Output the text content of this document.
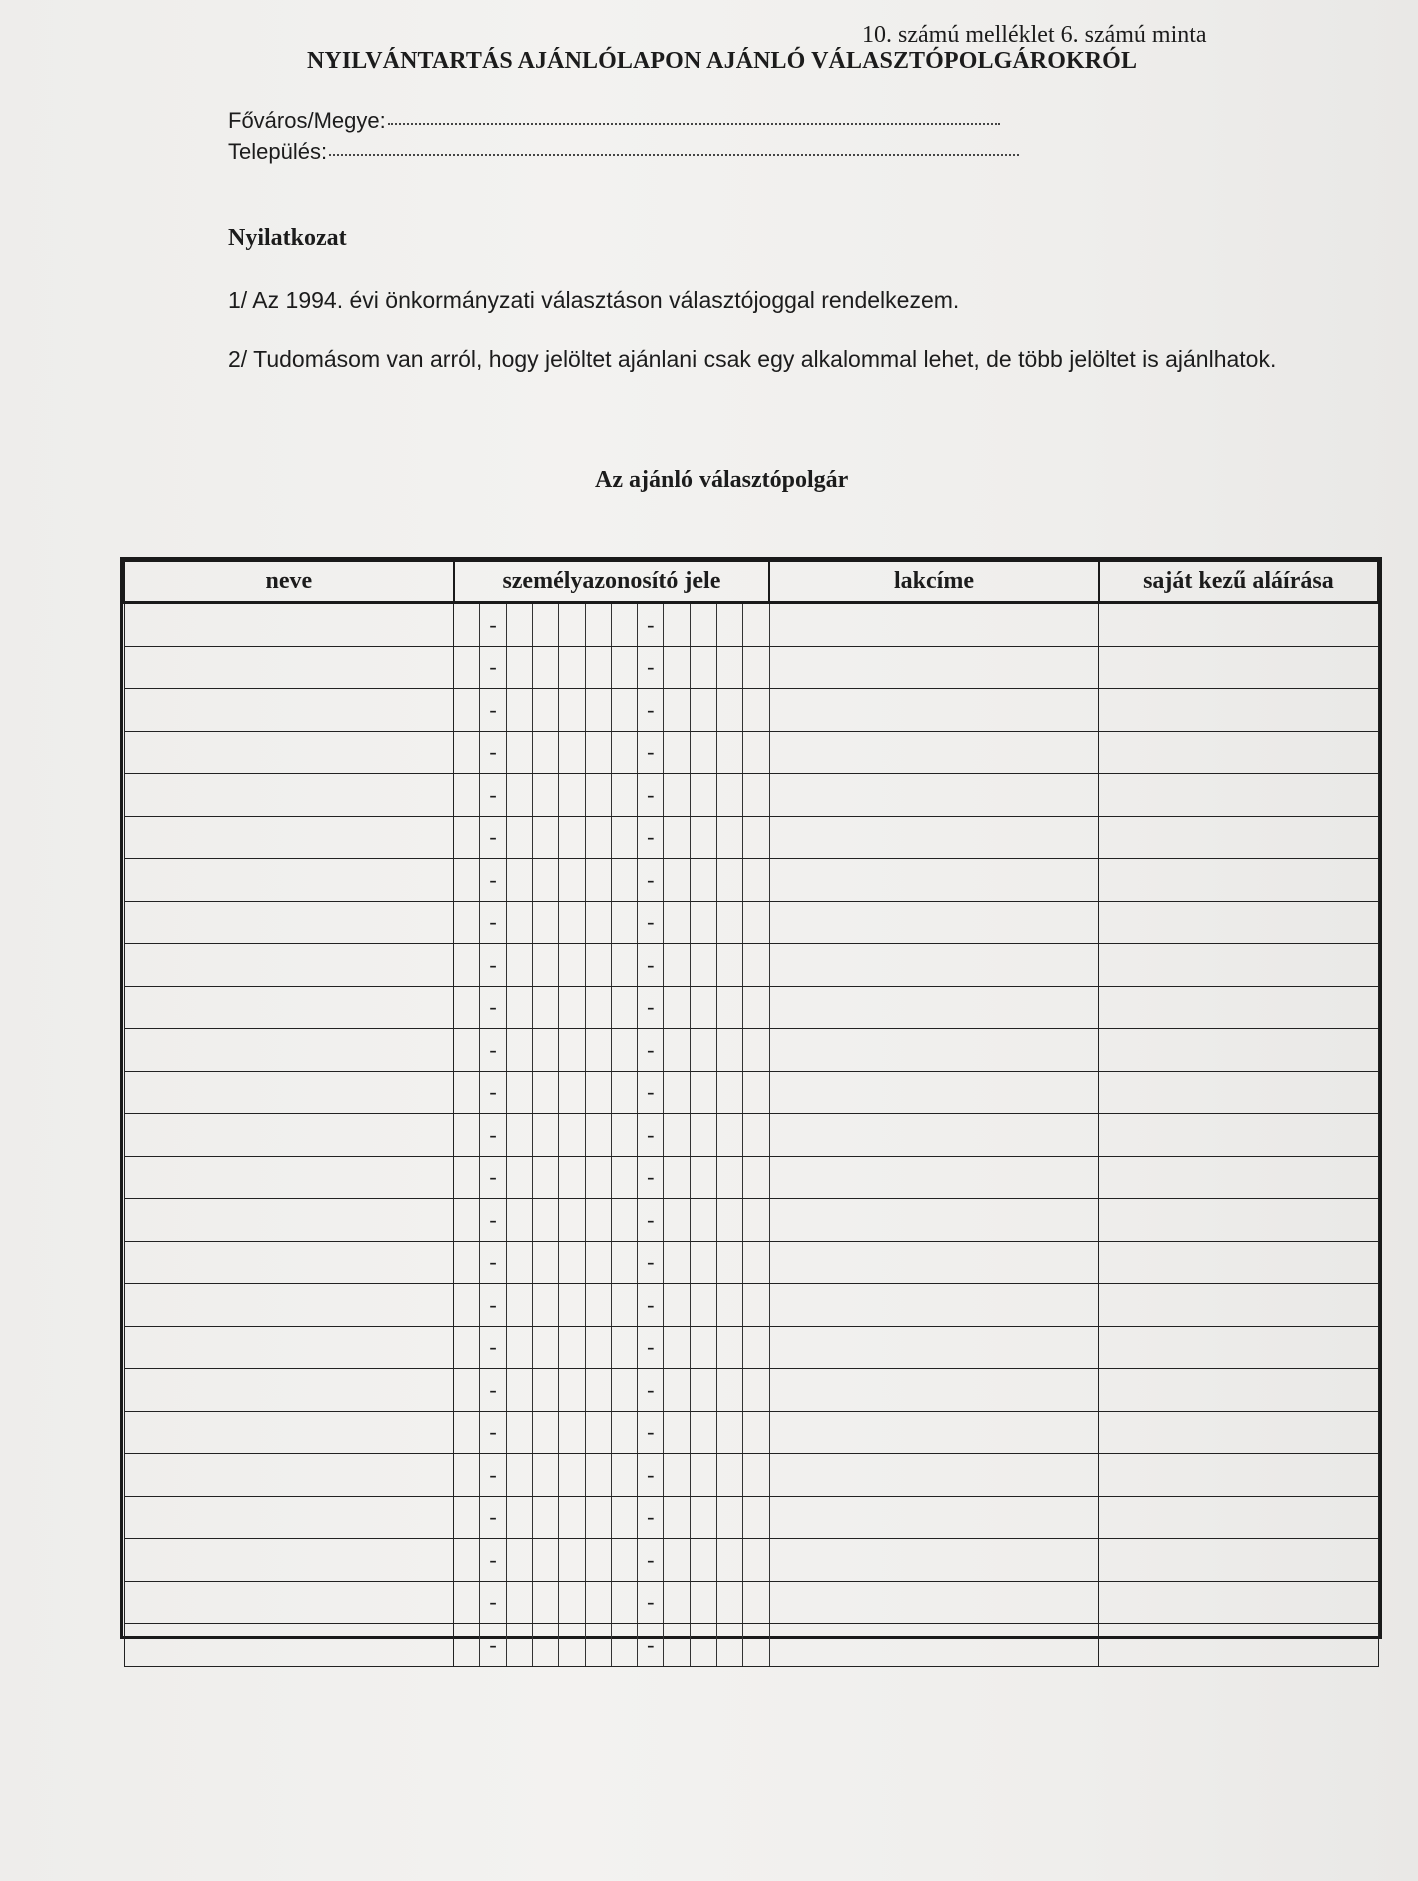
10. számú melléklet 6. számú minta
NYILVÁNTARTÁS AJÁNLÓLAPON AJÁNLÓ VÁLASZTÓPOLGÁROKRÓL
Főváros/Megye:
Település:
Nyilatkozat
1/ Az 1994. évi önkormányzati választáson választójoggal rendelkezem.
2/ Tudomásom van arról, hogy jelöltet ajánlani csak egy alkalommal lehet, de több jelöltet is ajánlhatok.
Az ajánló választópolgár
neve	személyazonosító jele												lakcíme	saját kezű aláírása
		-						-						
		-						-						
		-						-						
		-						-						
		-						-						
		-						-						
		-						-						
		-						-						
		-						-						
		-						-						
		-						-						
		-						-						
		-						-						
		-						-						
		-						-						
		-						-						
		-						-						
		-						-						
		-						-						
		-						-						
		-						-						
		-						-						
		-						-						
		-						-						
		-						-						
